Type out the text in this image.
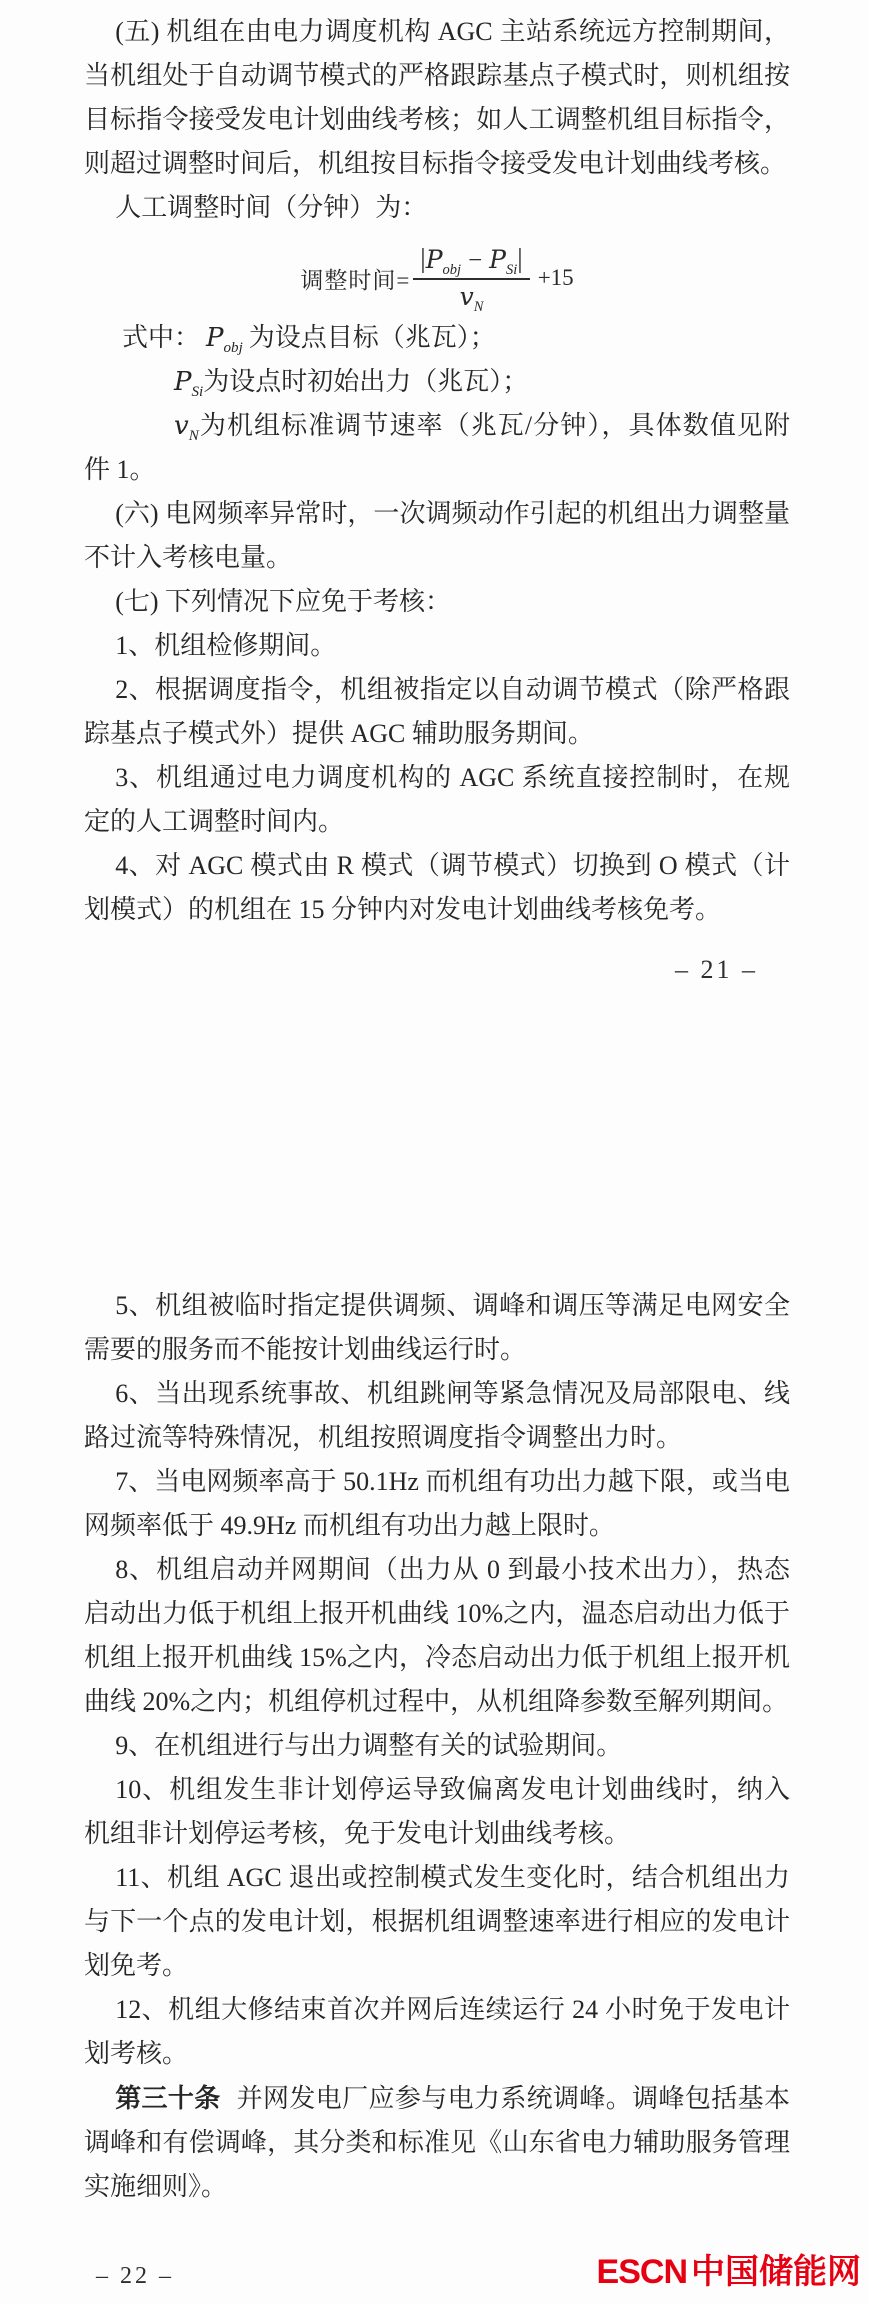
(五) 机组在由电力调度机构 AGC 主站系统远方控制期间，当机组处于自动调节模式的严格跟踪基点子模式时，则机组按目标指令接受发电计划曲线考核；如人工调整机组目标指令，则超过调整时间后，机组按目标指令接受发电计划曲线考核。

人工调整时间（分钟）为：

调整时间= $\frac{|P_{obj} - P_{Si}|}{v_N} +15$

式中： $P_{obj}$ 为设点目标（兆瓦）；

$P_{Si}$为设点时初始出力（兆瓦）；

$v_N$为机组标准调节速率（兆瓦/分钟），具体数值见附件 1。

(六) 电网频率异常时，一次调频动作引起的机组出力调整量不计入考核电量。

(七) 下列情况下应免于考核：

1、机组检修期间。

2、根据调度指令，机组被指定以自动调节模式（除严格跟踪基点子模式外）提供 AGC 辅助服务期间。

3、机组通过电力调度机构的 AGC 系统直接控制时，在规定的人工调整时间内。

4、对 AGC 模式由 R 模式（调节模式）切换到 O 模式（计划模式）的机组在 15 分钟内对发电计划曲线考核免考。

– 21 –

5、机组被临时指定提供调频、调峰和调压等满足电网安全需要的服务而不能按计划曲线运行时。

6、当出现系统事故、机组跳闸等紧急情况及局部限电、线路过流等特殊情况，机组按照调度指令调整出力时。

7、当电网频率高于 50.1Hz 而机组有功出力越下限，或当电网频率低于 49.9Hz 而机组有功出力越上限时。

8、机组启动并网期间（出力从 0 到最小技术出力），热态启动出力低于机组上报开机曲线 10%之内，温态启动出力低于机组上报开机曲线 15%之内，冷态启动出力低于机组上报开机曲线 20%之内；机组停机过程中，从机组降参数至解列期间。

9、在机组进行与出力调整有关的试验期间。

10、机组发生非计划停运导致偏离发电计划曲线时，纳入机组非计划停运考核，免于发电计划曲线考核。

11、机组 AGC 退出或控制模式发生变化时，结合机组出力与下一个点的发电计划，根据机组调整速率进行相应的发电计划免考。

12、机组大修结束首次并网后连续运行 24 小时免于发电计划考核。

第三十条 并网发电厂应参与电力系统调峰。调峰包括基本调峰和有偿调峰，其分类和标准见《山东省电力辅助服务管理实施细则》。

– 22 –	ESCN 中国储能网
